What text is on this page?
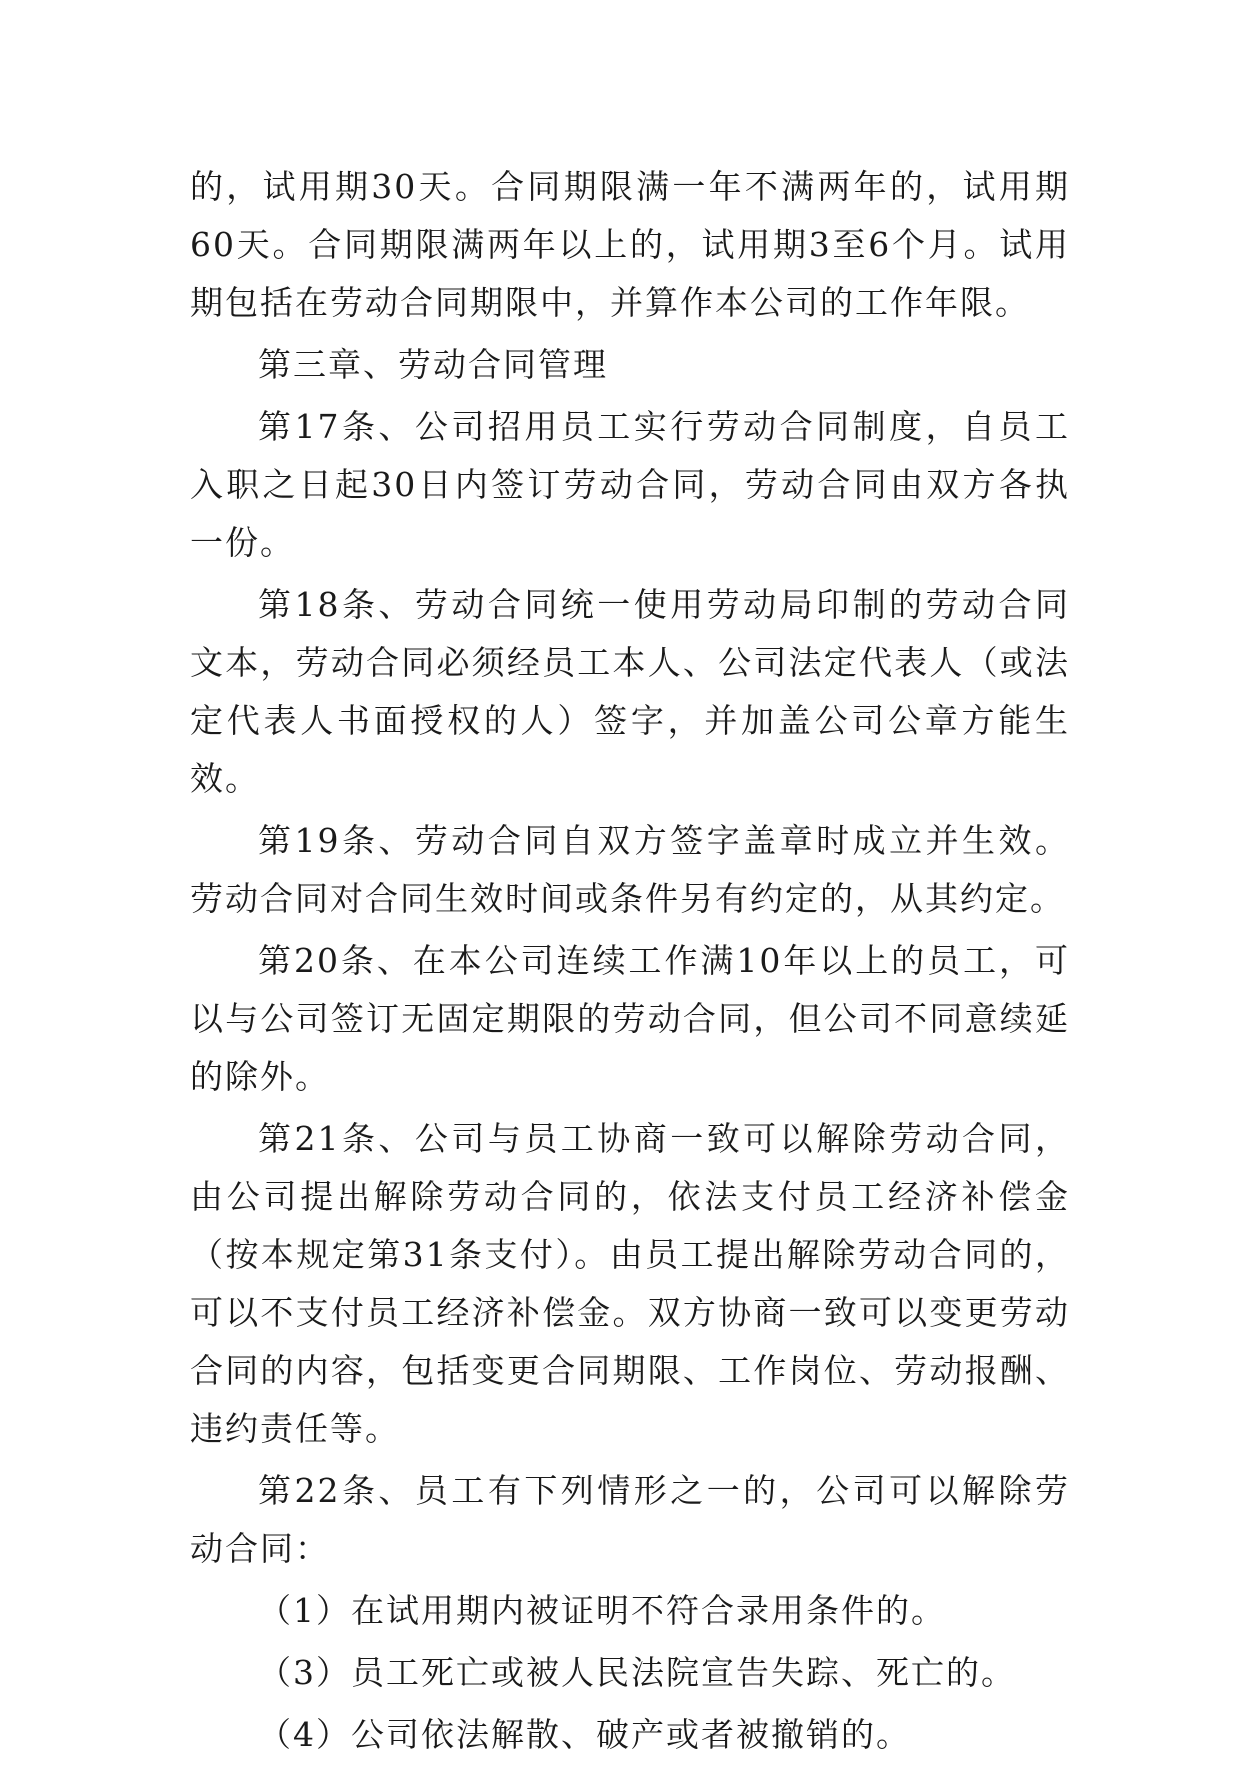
的，试用期30天。合同期限满一年不满两年的，试用期60天。合同期限满两年以上的，试用期3至6个月。试用期包括在劳动合同期限中，并算作本公司的工作年限。

第三章、劳动合同管理

第17条、公司招用员工实行劳动合同制度，自员工入职之日起30日内签订劳动合同，劳动合同由双方各执一份。

第18条、劳动合同统一使用劳动局印制的劳动合同文本，劳动合同必须经员工本人、公司法定代表人（或法定代表人书面授权的人）签字，并加盖公司公章方能生效。

第19条、劳动合同自双方签字盖章时成立并生效。劳动合同对合同生效时间或条件另有约定的，从其约定。

第20条、在本公司连续工作满10年以上的员工，可以与公司签订无固定期限的劳动合同，但公司不同意续延的除外。

第21条、公司与员工协商一致可以解除劳动合同，由公司提出解除劳动合同的，依法支付员工经济补偿金（按本规定第31条支付）。由员工提出解除劳动合同的，可以不支付员工经济补偿金。双方协商一致可以变更劳动合同的内容，包括变更合同期限、工作岗位、劳动报酬、违约责任等。

第22条、员工有下列情形之一的，公司可以解除劳动合同：

（1）在试用期内被证明不符合录用条件的。

（3）员工死亡或被人民法院宣告失踪、死亡的。

（4）公司依法解散、破产或者被撤销的。
